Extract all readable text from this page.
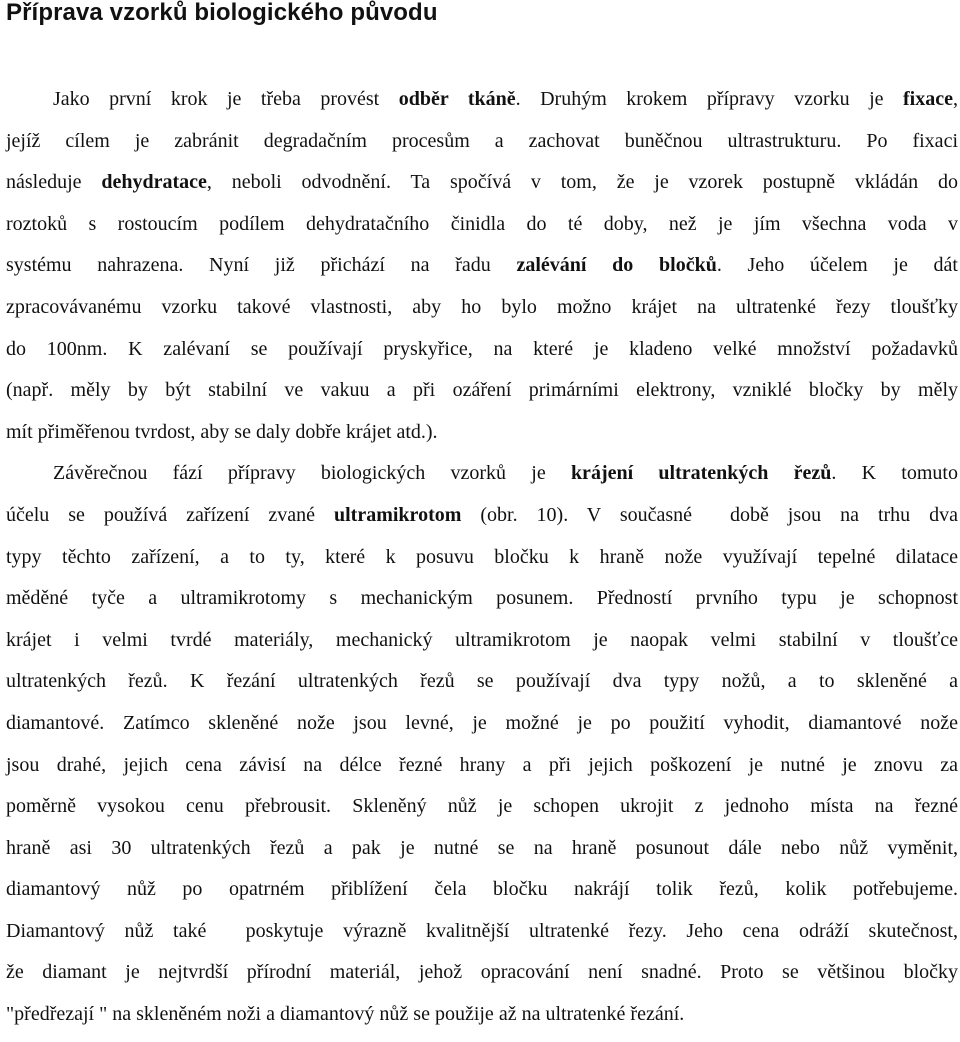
Příprava vzorků biologického původu
Jako první krok je třeba provést odběr tkáně. Druhým krokem přípravy vzorku je fixace,
jejíž cílem je zabránit degradačním procesům a zachovat buněčnou ultrastrukturu. Po fixaci
následuje dehydratace, neboli odvodnění. Ta spočívá v tom, že je vzorek postupně vkládán do
roztoků s rostoucím podílem dehydratačního činidla do té doby, než je jím všechna voda v
systému nahrazena. Nyní již přichází na řadu zalévání do bločků. Jeho účelem je dát
zpracovávanému vzorku takové vlastnosti, aby ho bylo možno krájet na ultratenké řezy tloušťky
do 100nm. K zalévaní se používají pryskyřice, na které je kladeno velké množství požadavků
(např. měly by být stabilní ve vakuu a při ozáření primárními elektrony, vzniklé bločky by měly
mít přiměřenou tvrdost, aby se daly dobře krájet atd.).
Závěrečnou fází přípravy biologických vzorků je krájení ultratenkých řezů. K tomuto
účelu se používá zařízení zvané ultramikrotom (obr. 10). V současné  době jsou na trhu dva
typy těchto zařízení, a to ty, které k posuvu bločku k hraně nože využívají tepelné dilatace
měděné tyče a ultramikrotomy s mechanickým posunem. Předností prvního typu je schopnost
krájet i velmi tvrdé materiály, mechanický ultramikrotom je naopak velmi stabilní v tloušťce
ultratenkých řezů. K řezání ultratenkých řezů se používají dva typy nožů, a to skleněné a
diamantové. Zatímco skleněné nože jsou levné, je možné je po použití vyhodit, diamantové nože
jsou drahé, jejich cena závisí na délce řezné hrany a při jejich poškození je nutné je znovu za
poměrně vysokou cenu přebrousit. Skleněný nůž je schopen ukrojit z jednoho místa na řezné
hraně asi 30 ultratenkých řezů a pak je nutné se na hraně posunout dále nebo nůž vyměnit,
diamantový nůž po opatrném přiblížení čela bločku nakrájí tolik řezů, kolik potřebujeme.
Diamantový nůž také  poskytuje výrazně kvalitnější ultratenké řezy. Jeho cena odráží skutečnost,
že diamant je nejtvrdší přírodní materiál, jehož opracování není snadné. Proto se většinou bločky
"předřezají " na skleněném noži a diamantový nůž se použije až na ultratenké řezání.
